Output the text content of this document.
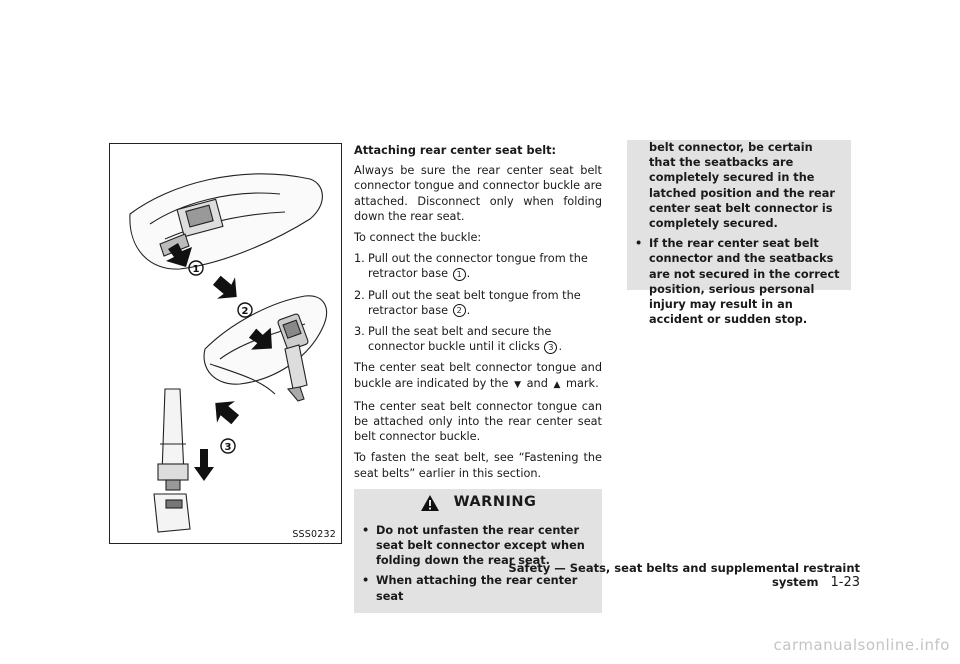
1
2
3
SSS0232
Attaching rear center seat belt:

Always be sure the rear center seat belt connector tongue and connector buckle are attached. Disconnect only when folding down the rear seat.

To connect the buckle:

1. Pull out the connector tongue from the retractor base 1 .
2. Pull out the seat belt tongue from the retractor base 2 .
3. Pull the seat belt and secure the connector buckle until it clicks 3 .

The center seat belt connector tongue and buckle are indicated by the ▼ and ▲ mark.

The center seat belt connector tongue can be attached only into the rear center seat belt connector buckle.

To fasten the seat belt, see “Fastening the seat belts” earlier in this section.

WARNING
• Do not unfasten the rear center seat belt connector except when folding down the rear seat.
• When attaching the rear center seat
belt connector, be certain that the seatbacks are completely secured in the latched position and the rear center seat belt connector is completely secured.
• If the rear center seat belt connector and the seatbacks are not secured in the correct position, serious personal injury may result in an accident or sudden stop.
Safety — Seats, seat belts and supplemental restraint system 1-23
carmanualsonline.info
